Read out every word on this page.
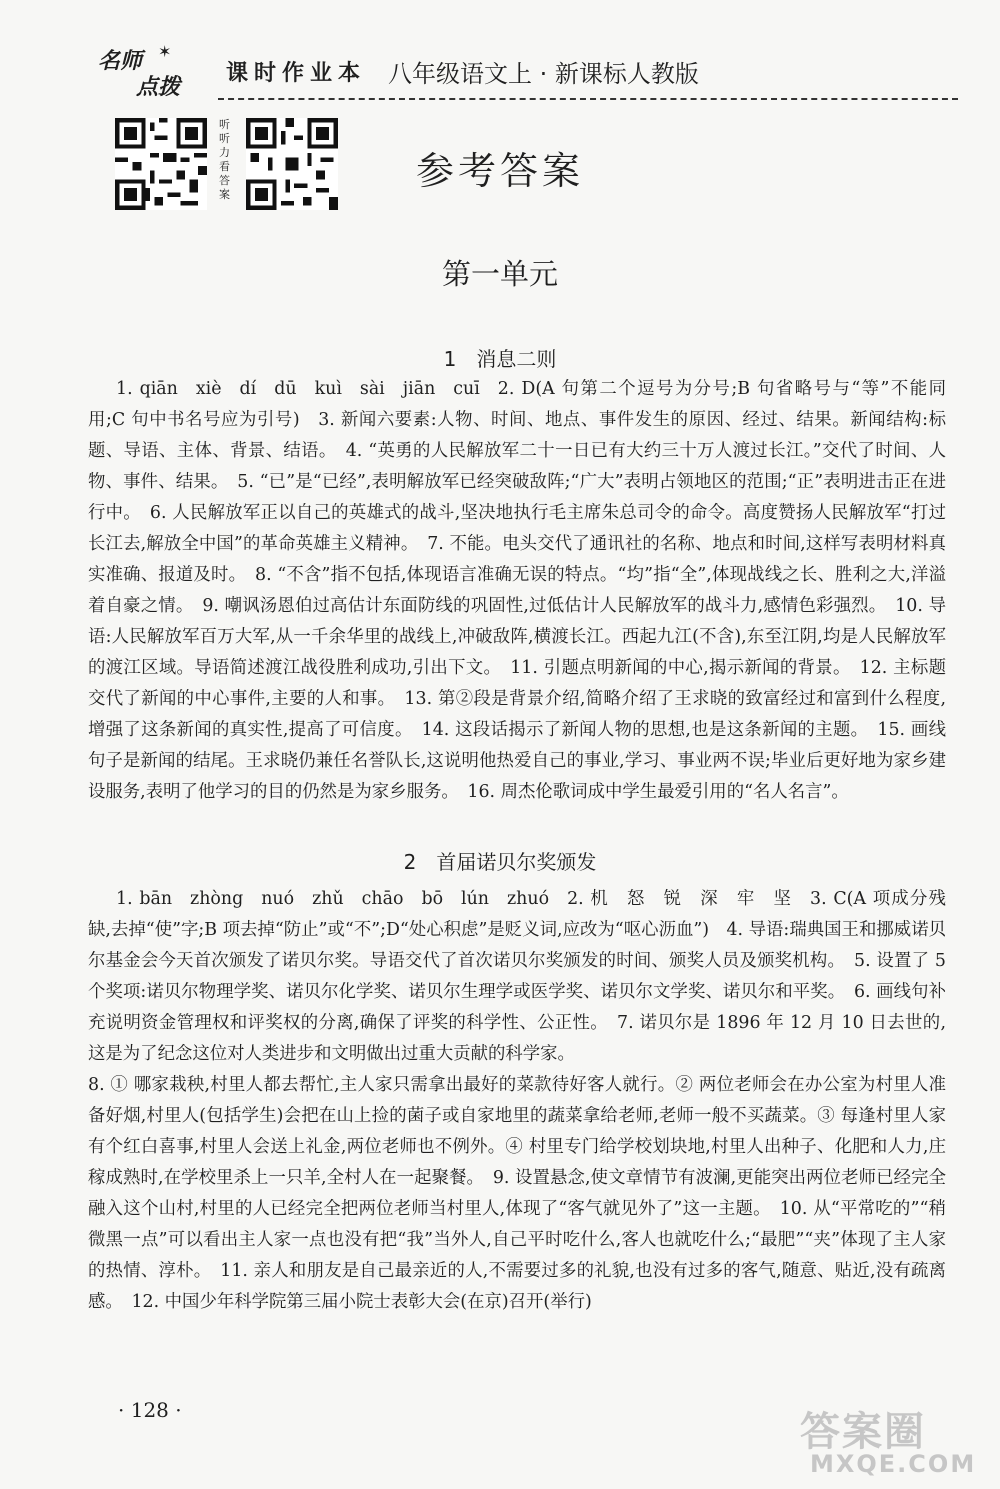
✶
名师
点拨
课时作业本 八年级语文上 · 新课标人教版
听听力看答案
参考答案
第一单元
1　消息二则

1. qiān xiè dí dū kuì sài jiān cuī 2. D(A 句第二个逗号为分号;B 句省略号与“等”不能同用;C 句中书名号应为引号)　3. 新闻六要素:人物、时间、地点、事件发生的原因、经过、结果。新闻结构:标题、导语、主体、背景、结语。　4. “英勇的人民解放军二十一日已有大约三十万人渡过长江。”交代了时间、人物、事件、结果。　5. “已”是“已经”,表明解放军已经突破敌阵;“广大”表明占领地区的范围;“正”表明进击正在进行中。　6. 人民解放军正以自己的英雄式的战斗,坚决地执行毛主席朱总司令的命令。高度赞扬人民解放军“打过长江去,解放全中国”的革命英雄主义精神。　7. 不能。电头交代了通讯社的名称、地点和时间,这样写表明材料真实准确、报道及时。　8. “不含”指不包括,体现语言准确无误的特点。“均”指“全”,体现战线之长、胜利之大,洋溢着自豪之情。　9. 嘲讽汤恩伯过高估计东面防线的巩固性,过低估计人民解放军的战斗力,感情色彩强烈。　10. 导语:人民解放军百万大军,从一千余华里的战线上,冲破敌阵,横渡长江。西起九江(不含),东至江阴,均是人民解放军的渡江区域。导语简述渡江战役胜利成功,引出下文。　11. 引题点明新闻的中心,揭示新闻的背景。　12. 主标题交代了新闻的中心事件,主要的人和事。　13. 第②段是背景介绍,简略介绍了王求晓的致富经过和富到什么程度,增强了这条新闻的真实性,提高了可信度。　14. 这段话揭示了新闻人物的思想,也是这条新闻的主题。　15. 画线句子是新闻的结尾。王求晓仍兼任名誉队长,这说明他热爱自己的事业,学习、事业两不误;毕业后更好地为家乡建设服务,表明了他学习的目的仍然是为家乡服务。　16. 周杰伦歌词成中学生最爱引用的“名人名言”。

2　首届诺贝尔奖颁发

1. bān zhòng nuó zhǔ chāo bō lún zhuó 2. 机 怒 锐 深 牢 坚 3. C(A 项成分残缺,去掉“使”字;B 项去掉“防止”或“不”;D“处心积虑”是贬义词,应改为“呕心沥血”)　4. 导语:瑞典国王和挪威诺贝尔基金会今天首次颁发了诺贝尔奖。导语交代了首次诺贝尔奖颁发的时间、颁奖人员及颁奖机构。　5. 设置了 5 个奖项:诺贝尔物理学奖、诺贝尔化学奖、诺贝尔生理学或医学奖、诺贝尔文学奖、诺贝尔和平奖。　6. 画线句补充说明资金管理权和评奖权的分离,确保了评奖的科学性、公正性。　7. 诺贝尔是 1896 年 12 月 10 日去世的,这是为了纪念这位对人类进步和文明做出过重大贡献的科学家。

8. ① 哪家栽秧,村里人都去帮忙,主人家只需拿出最好的菜款待好客人就行。② 两位老师会在办公室为村里人准备好烟,村里人(包括学生)会把在山上捡的菌子或自家地里的蔬菜拿给老师,老师一般不买蔬菜。③ 每逢村里人家有个红白喜事,村里人会送上礼金,两位老师也不例外。④ 村里专门给学校划块地,村里人出种子、化肥和人力,庄稼成熟时,在学校里杀上一只羊,全村人在一起聚餐。　9. 设置悬念,使文章情节有波澜,更能突出两位老师已经完全融入这个山村,村里的人已经完全把两位老师当村里人,体现了“客气就见外了”这一主题。　10. 从“平常吃的”“稍微黑一点”可以看出主人家一点也没有把“我”当外人,自己平时吃什么,客人也就吃什么;“最肥”“夹”体现了主人家的热情、淳朴。　11. 亲人和朋友是自己最亲近的人,不需要过多的礼貌,也没有过多的客气,随意、贴近,没有疏离感。　12. 中国少年科学院第三届小院士表彰大会(在京)召开(举行)

· 128 ·	答案圈
MXQE.COM
